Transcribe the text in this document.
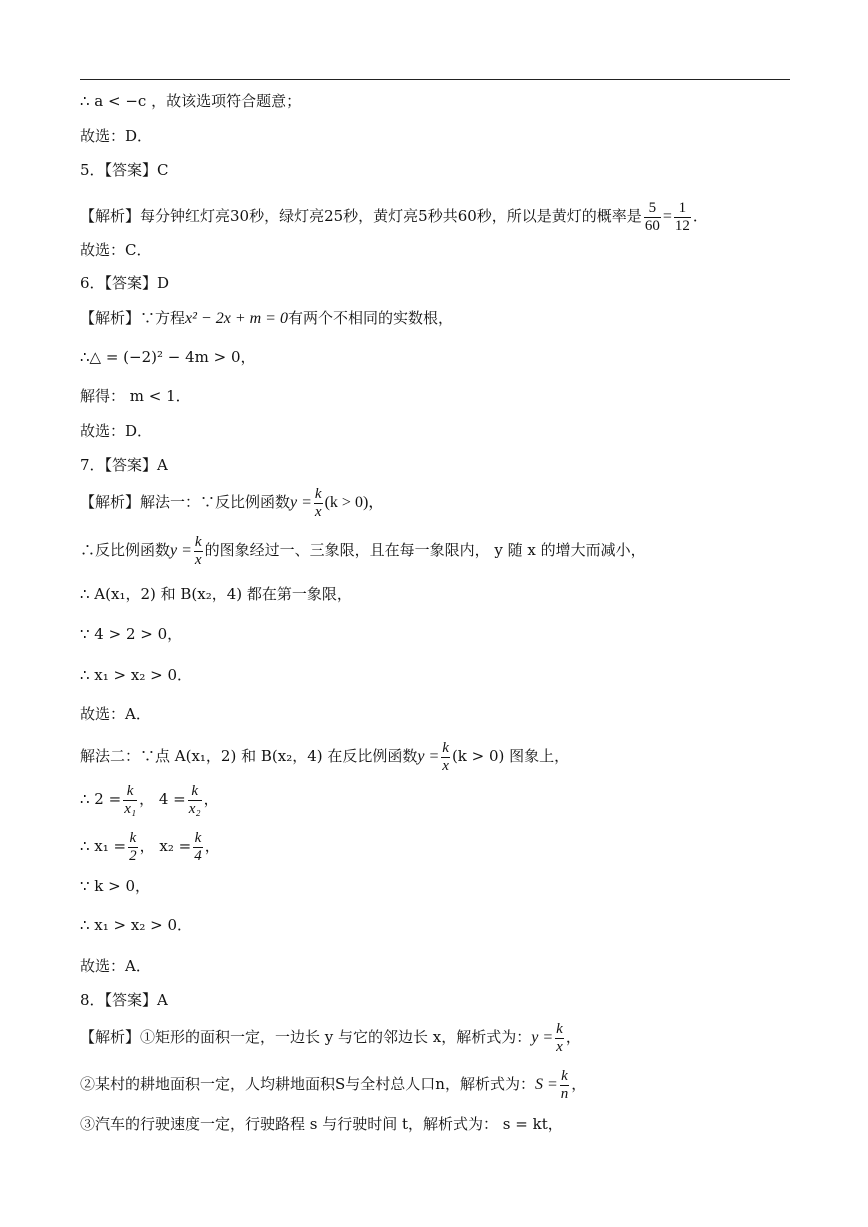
∴ a < −c ，故该选项符合题意；
故选：D．
5．【答案】C
【解析】每分钟红灯亮30秒，绿灯亮25秒，黄灯亮5秒共60秒，所以是黄灯的概率是 $\frac{5}{60} = \frac{1}{12}$ ．
故选：C．
6．【答案】D
【解析】∵方程x² − 2x + m = 0有两个不相同的实数根，
∴△ = (−2)² − 4m > 0，
解得： m < 1．
故选：D．
7．【答案】A
【解析】解法一：∵反比例函数$y = \frac{k}{x} (k > 0)$，
∴反比例函数$y = \frac{k}{x}$ 的图象经过一、三象限，且在每一象限内， y 随 x 的增大而减小，
∴ A(x₁，2) 和 B(x₂，4) 都在第一象限，
∵ 4 > 2 > 0，
∴ x₁ > x₂ > 0．
故选：A．
解法二：∵点 A(x₁，2) 和 B(x₂，4) 在反比例函数$y = \frac{k}{x} (k > 0)$ 图象上，
∴ $2 = \frac{k}{\text{x₁}}$ ， $4 = \frac{k}{\text{x₂}}$ ，
∴ $x_1 = \frac{k}{2}$ ， $x_2 = \frac{k}{4}$ ，
∵ k > 0，
∴ x₁ > x₂ > 0．
故选：A．
8．【答案】A
【解析】①矩形的面积一定，一边长 y 与它的邻边长 x，解析式为：$y = \frac{k}{x}$ ，
②某村的耕地面积一定，人均耕地面积S与全村总人口n，解析式为：$S = \frac{k}{n}$ ，
③汽车的行驶速度一定，行驶路程 s 与行驶时间 t，解析式为： s = kt，
